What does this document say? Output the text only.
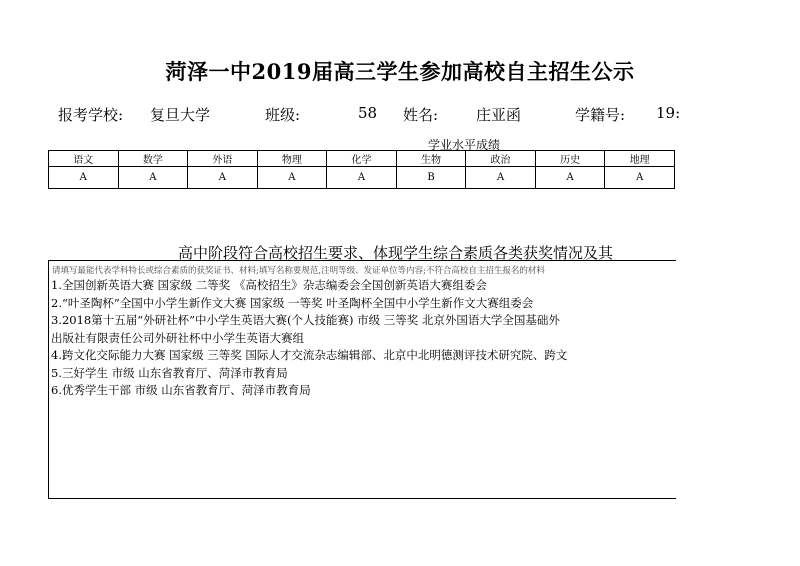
菏泽一中2019届高三学生参加高校自主招生公示
报考学校: 复旦大学	班级:	58 姓名:	庄亚函	学籍号: 19:
学业水平成绩
语文	数学	外语	物理	化学	生物	政治	历史	地理
A	A	A	A	A	B	A	A	A
高中阶段符合高校招生要求、体现学生综合素质各类获奖情况及其
请填写最能代表学科特长或综合素质的获奖证书、材料;填写名称要规范,注明等级、发证单位等内容;不符合高校自主招生报名的材料
1.全国创新英语大赛 国家级 二等奖 《高校招生》杂志编委会全国创新英语大赛组委会
2.“叶圣陶杯”全国中小学生新作文大赛 国家级 一等奖 叶圣陶杯全国中小学生新作文大赛组委会
3.2018第十五届“外研社杯”中小学生英语大赛(个人技能赛) 市级 三等奖 北京外国语大学全国基础外
出版社有限责任公司外研社杯中小学生英语大赛组
4.跨文化交际能力大赛 国家级 三等奖 国际人才交流杂志编辑部、北京中北明德测评技术研究院、跨文
5.三好学生 市级 山东省教育厅、菏泽市教育局
6.优秀学生干部 市级 山东省教育厅、菏泽市教育局
